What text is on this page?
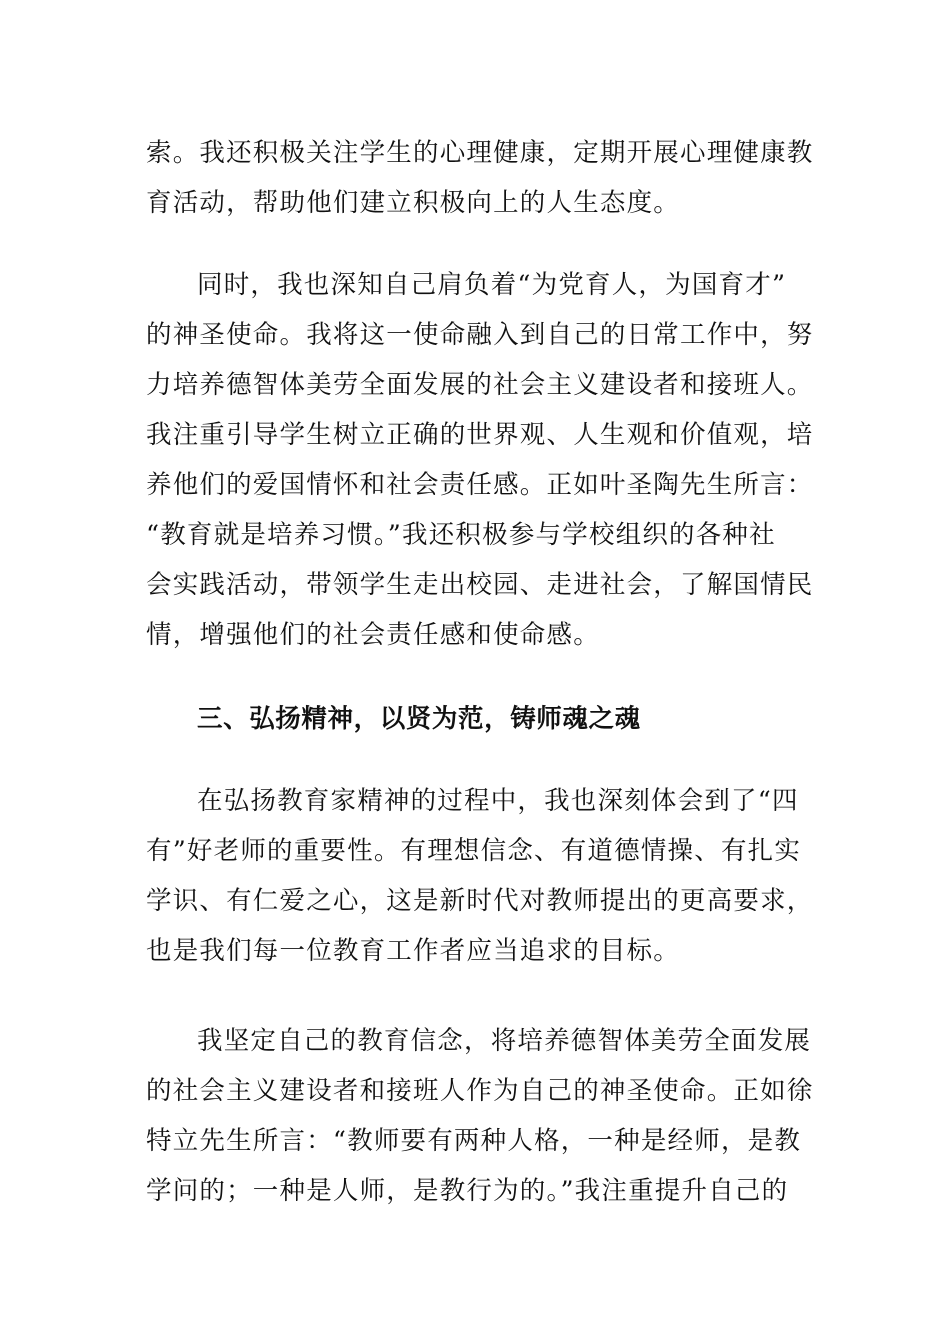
索。我还积极关注学生的心理健康，定期开展心理健康教
育活动，帮助他们建立积极向上的人生态度。
同时，我也深知自己肩负着“为党育人，为国育才”
的神圣使命。我将这一使命融入到自己的日常工作中，努
力培养德智体美劳全面发展的社会主义建设者和接班人。
我注重引导学生树立正确的世界观、人生观和价值观，培
养他们的爱国情怀和社会责任感。正如叶圣陶先生所言：
“教育就是培养习惯。”我还积极参与学校组织的各种社
会实践活动，带领学生走出校园、走进社会，了解国情民
情，增强他们的社会责任感和使命感。
三、弘扬精神，以贤为范，铸师魂之魂
在弘扬教育家精神的过程中，我也深刻体会到了“四
有”好老师的重要性。有理想信念、有道德情操、有扎实
学识、有仁爱之心，这是新时代对教师提出的更高要求，
也是我们每一位教育工作者应当追求的目标。
我坚定自己的教育信念，将培养德智体美劳全面发展
的社会主义建设者和接班人作为自己的神圣使命。正如徐
特立先生所言：“教师要有两种人格，一种是经师，是教
学问的；一种是人师，是教行为的。”我注重提升自己的
